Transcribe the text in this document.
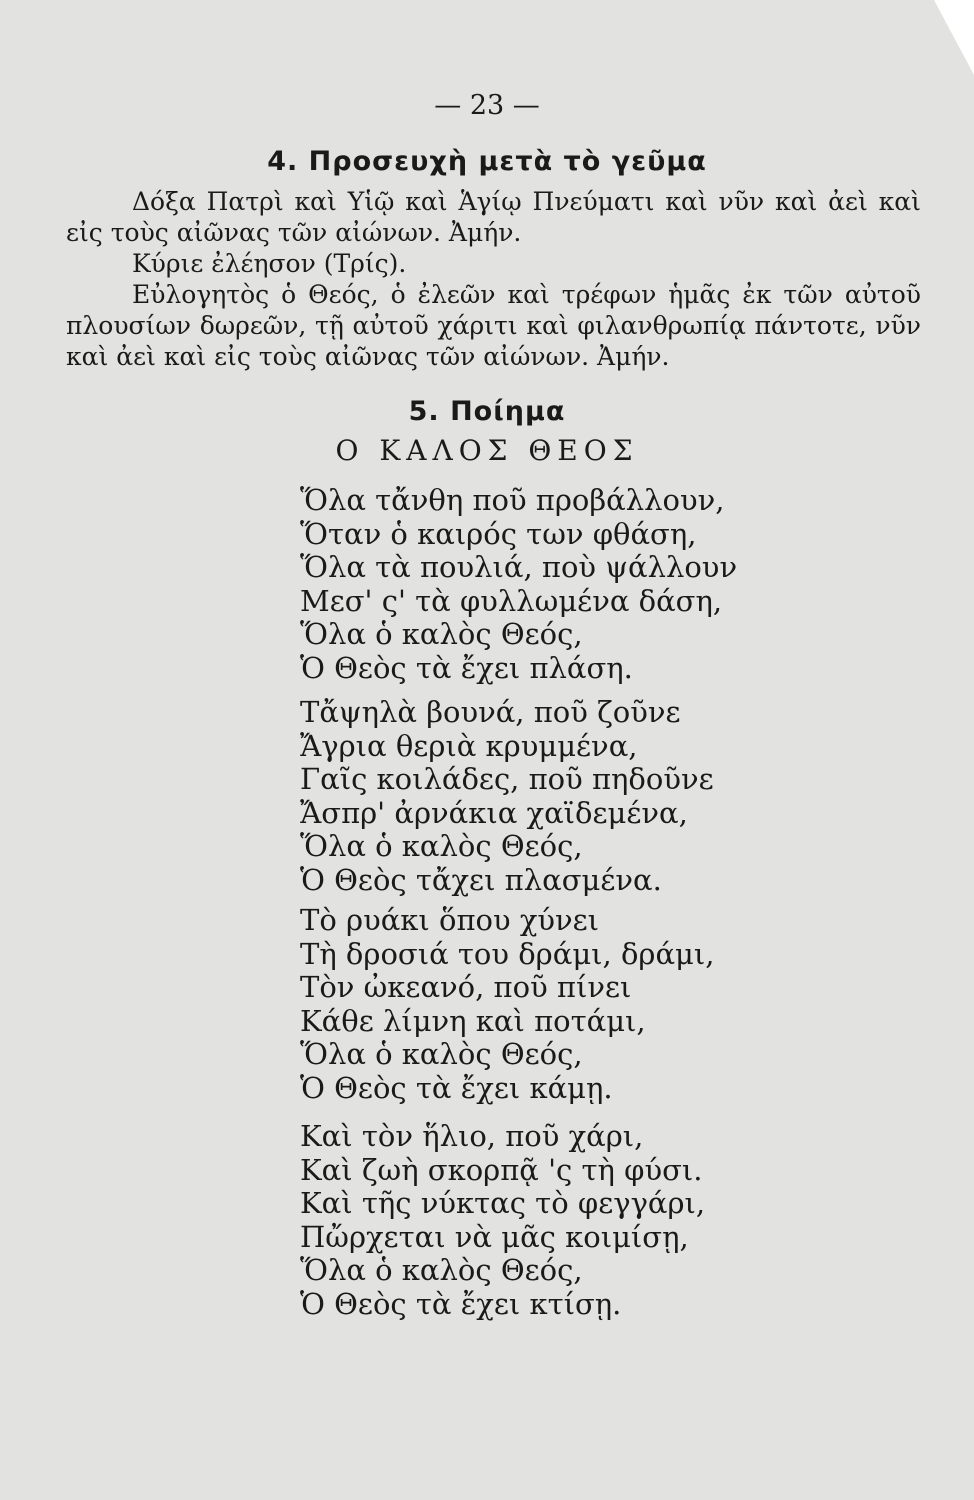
— 23 —
4. Προσευχὴ μετὰ τὸ γεῦμα

Δόξα Πατρὶ καὶ Υἱῷ καὶ Ἁγίῳ Πνεύματι καὶ νῦν καὶ ἀεὶ καὶ εἰς τοὺς αἰῶνας τῶν αἰώνων. Ἀμήν.

Κύριε ἐλέησον (Τρίς).

Εὐλογητὸς ὁ Θεός, ὁ ἐλεῶν καὶ τρέφων ἡμᾶς ἐκ τῶν αὐτοῦ πλουσίων δωρεῶν, τῇ αὐτοῦ χάριτι καὶ φιλανθρωπίᾳ πάντοτε, νῦν καὶ ἀεὶ καὶ εἰς τοὺς αἰῶνας τῶν αἰώνων. Ἀμήν.

5. Ποίημα
Ο ΚΑΛΟΣ ΘΕΟΣ
Ὅλα τἄνθη ποῦ προβάλλουν,
Ὅταν ὁ καιρός των φθάση,
Ὅλα τὰ πουλιά, ποὺ ψάλλουν
Μεσ' ς' τὰ φυλλωμένα δάση,
Ὅλα ὁ καλὸς Θεός,
Ὁ Θεὸς τὰ ἔχει πλάση.
Τἄψηλὰ βουνά, ποῦ ζοῦνε
Ἄγρια θεριὰ κρυμμένα,
Γαῖς κοιλάδες, ποῦ πηδοῦνε
Ἄσπρ' ἀρνάκια χαϊδεμένα,
Ὅλα ὁ καλὸς Θεός,
Ὁ Θεὸς τἄχει πλασμένα.
Τὸ ρυάκι ὅπου χύνει
Τὴ δροσιά του δράμι, δράμι,
Τὸν ὠκεανό, ποῦ πίνει
Κάθε λίμνη καὶ ποτάμι,
Ὅλα ὁ καλὸς Θεός,
Ὁ Θεὸς τὰ ἔχει κάμῃ.
Καὶ τὸν ἥλιο, ποῦ χάρι,
Καὶ ζωὴ σκορπᾷ 'ς τὴ φύσι.
Καὶ τῆς νύκτας τὸ φεγγάρι,
Πὤρχεται νὰ μᾶς κοιμίσῃ,
Ὅλα ὁ καλὸς Θεός,
Ὁ Θεὸς τὰ ἔχει κτίσῃ.
